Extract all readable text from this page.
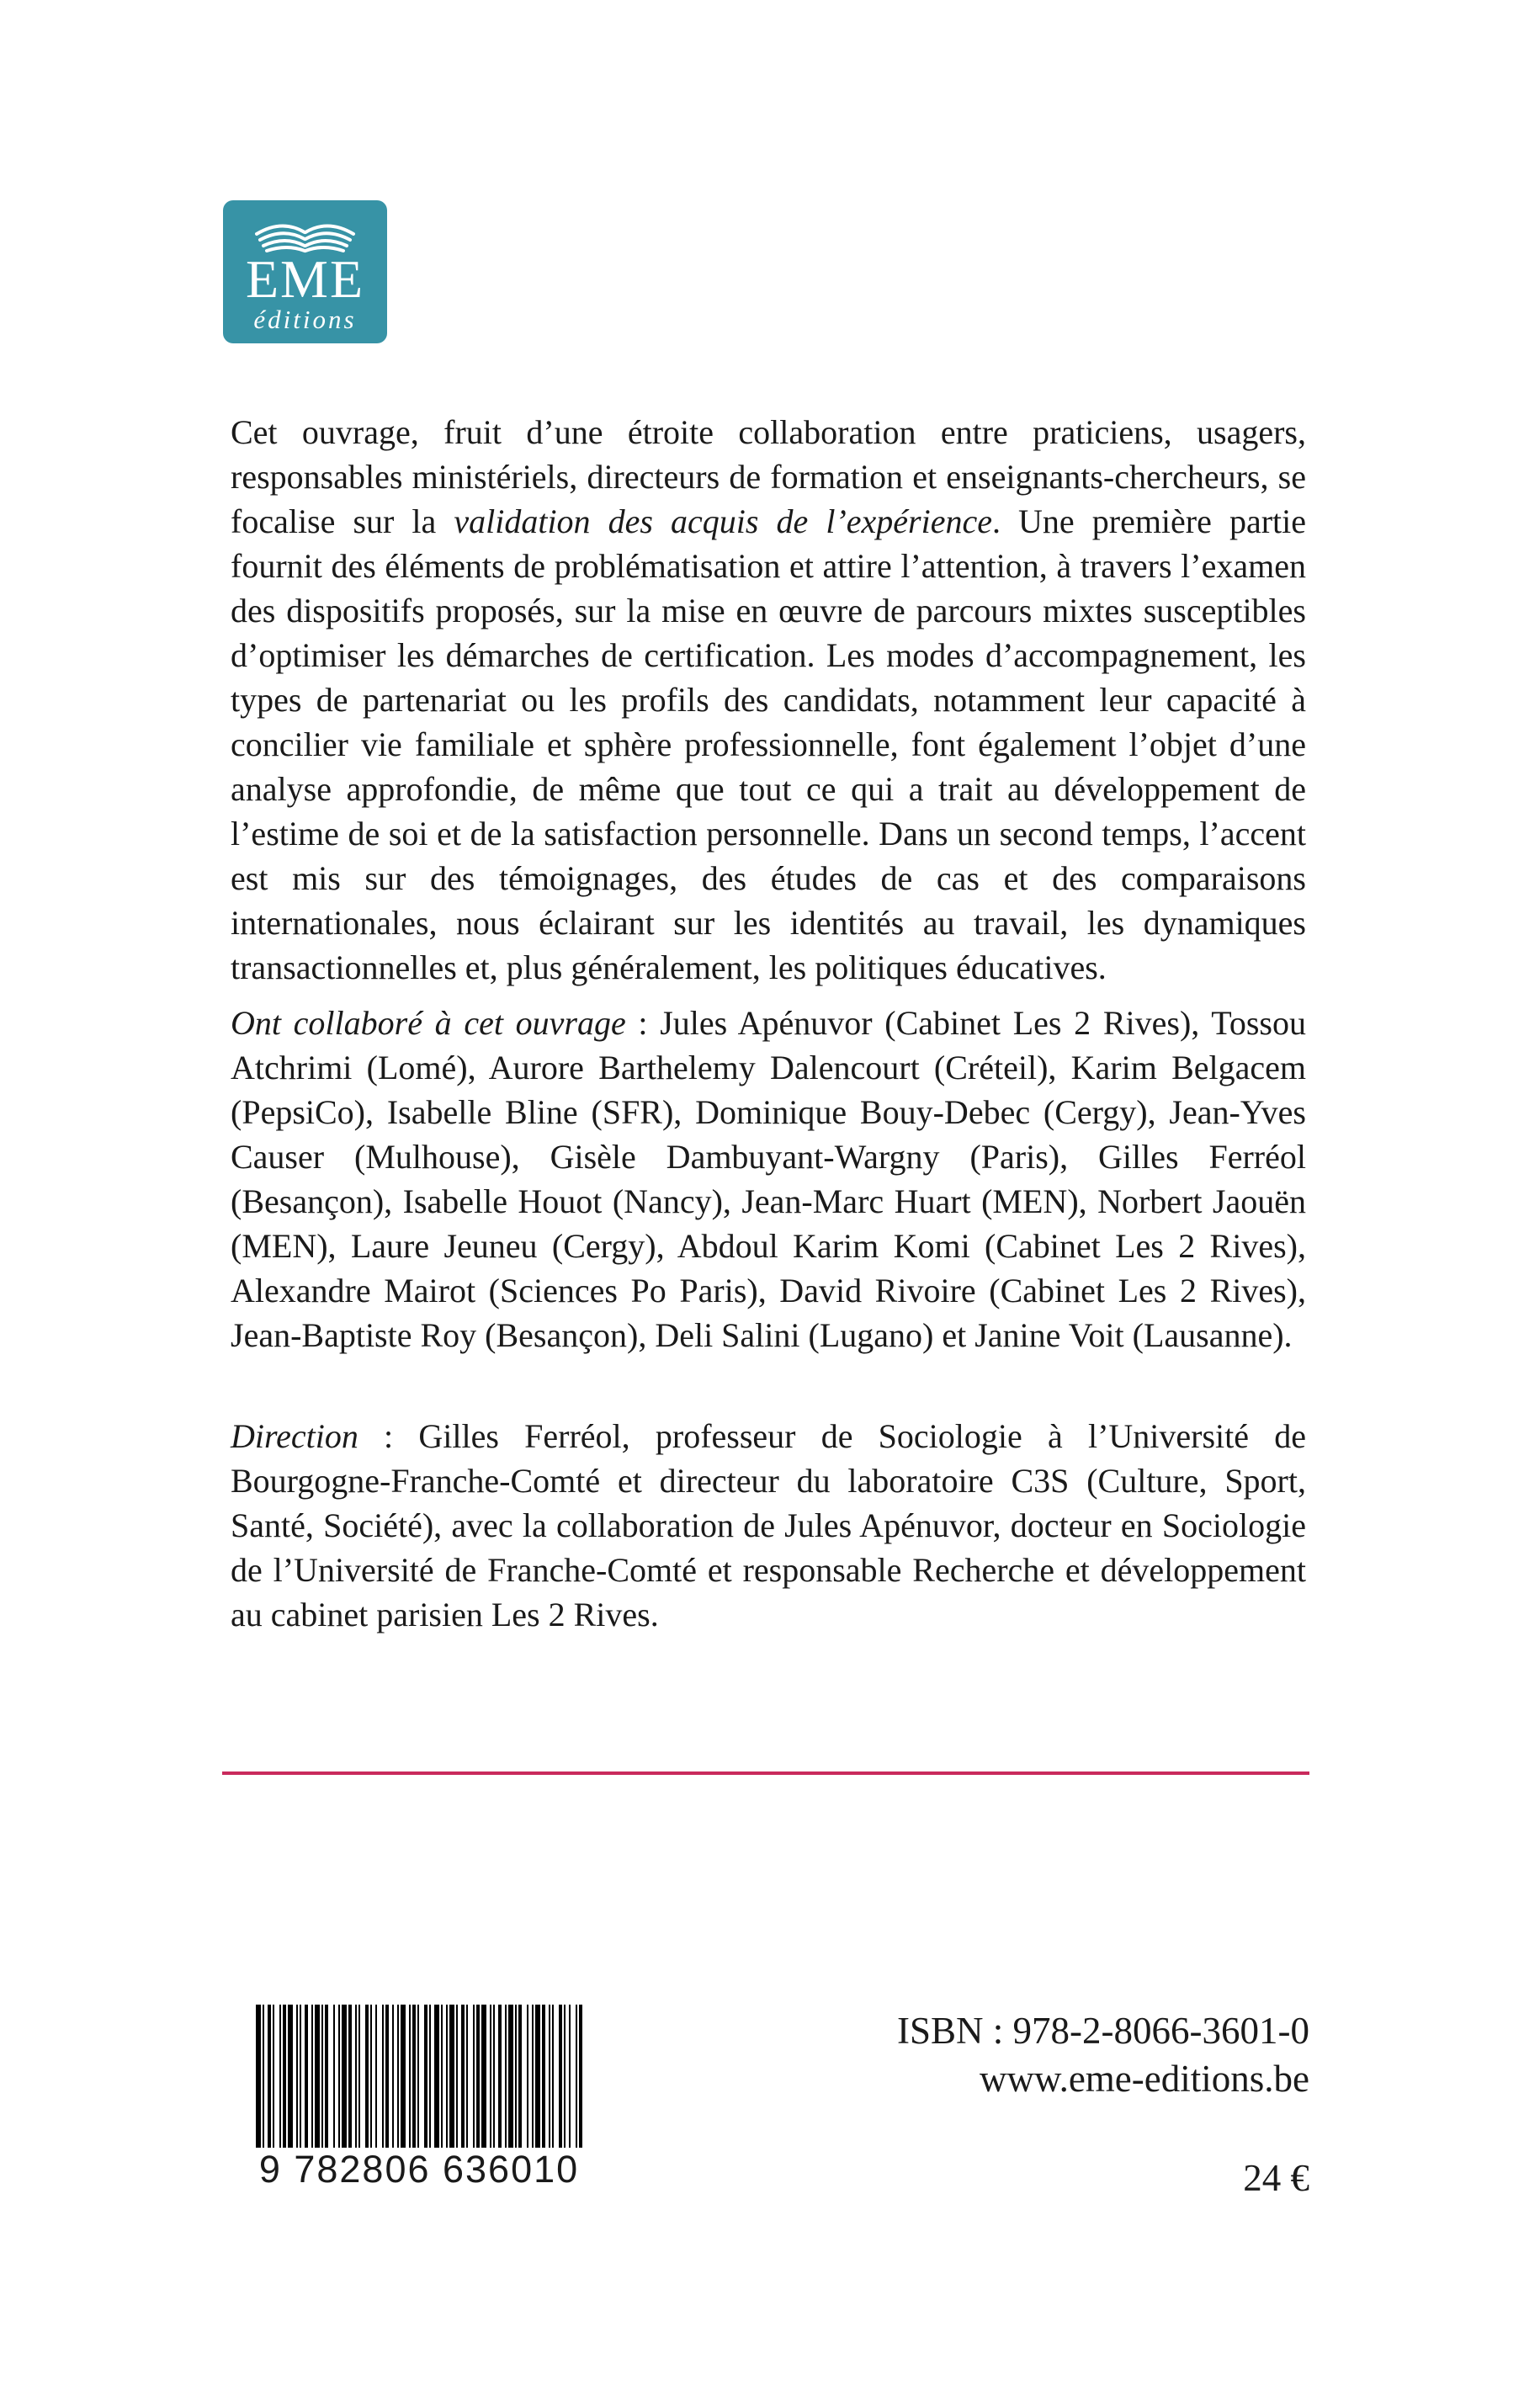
EME
éditions

Cet ouvrage, fruit d’une étroite collaboration entre praticiens, usagers, responsables ministériels, directeurs de formation et enseignants-chercheurs, se focalise sur la validation des acquis de l’expérience. Une première partie fournit des éléments de problématisation et attire l’attention, à travers l’examen des dispositifs proposés, sur la mise en œuvre de parcours mixtes susceptibles d’optimiser les démarches de certification. Les modes d’accompagnement, les types de partenariat ou les profils des candidats, notamment leur capacité à concilier vie familiale et sphère professionnelle, font également l’objet d’une analyse approfondie, de même que tout ce qui a trait au développement de l’estime de soi et de la satisfaction personnelle. Dans un second temps, l’accent est mis sur des témoignages, des études de cas et des comparaisons internationales, nous éclairant sur les identités au travail, les dynamiques transactionnelles et, plus généralement, les politiques éducatives.

Ont collaboré à cet ouvrage : Jules Apénuvor (Cabinet Les 2 Rives), Tossou Atchrimi (Lomé), Aurore Barthelemy Dalencourt (Créteil), Karim Belgacem (PepsiCo), Isabelle Bline (SFR), Dominique Bouy-Debec (Cergy), Jean-Yves Causer (Mulhouse), Gisèle Dambuyant-Wargny (Paris), Gilles Ferréol (Besançon), Isabelle Houot (Nancy), Jean-Marc Huart (MEN), Norbert Jaouën (MEN), Laure Jeuneu (Cergy), Abdoul Karim Komi (Cabinet Les 2 Rives), Alexandre Mairot (Sciences Po Paris), David Rivoire (Cabinet Les 2 Rives), Jean-Baptiste Roy (Besançon), Deli Salini (Lugano) et Janine Voit (Lausanne).

Direction : Gilles Ferréol, professeur de Sociologie à l’Université de Bourgogne-Franche-Comté et directeur du laboratoire C3S (Culture, Sport, Santé, Société), avec la collaboration de Jules Apénuvor, docteur en Sociologie de l’Université de Franche-Comté et responsable Recherche et développement au cabinet parisien Les 2 Rives.

9 782806 636010
ISBN : 978-2-8066-3601-0
www.eme-editions.be
24 €
